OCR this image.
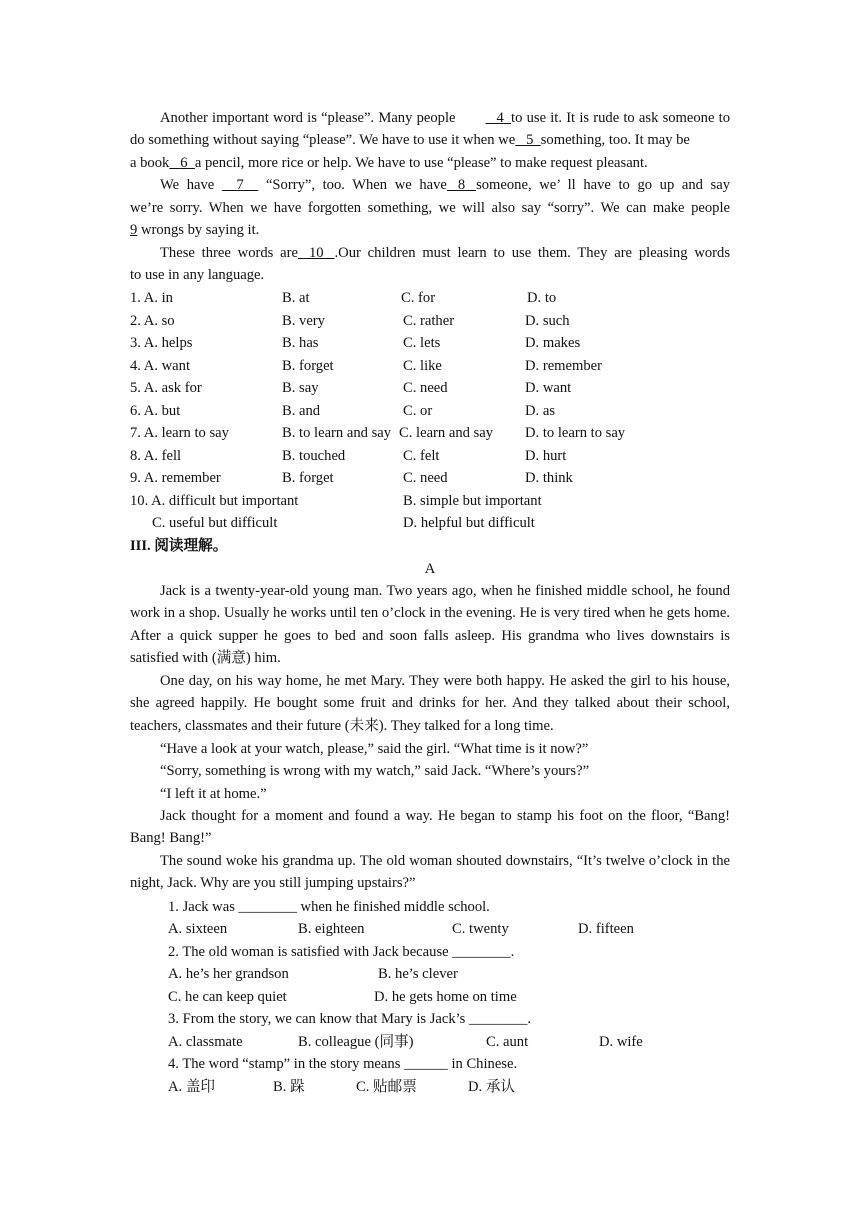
Another important word is “please”. Many people	4 to use it. It is rude to ask someone to

do something without saying “please”. We have to use it when we 5 something, too. It may be
a book 6 a pencil, more rice or help. We have to use “please” to make request pleasant.
We have     7     “Sorry”, too. When we have 8 someone, we’ ll have to go up and say
we’re sorry. When we have forgotten something, we will also say “sorry”. We can make people
9 wrongs by saying it.
These three words are 10 .Our children must learn to use them. They are pleasing words
to use in any language.
1. A. in	B. at	C. for	D. to
2. A. so	B. very	C. rather	D. such
3. A. helps	B. has	C. lets	D. makes
4. A. want	B. forget	C. like	D. remember
5. A. ask for	B. say	C. need	D. want
6. A. but	B. and	C. or	D. as
7. A. learn to say	B. to learn and say C. learn and say D. to learn to say
8. A. fell	B. touched	C. felt	D. hurt
9. A. remember	B. forget	C. need	D. think
10. A. difficult but important	B. simple but important
C. useful but difficult	D. helpful but difficult
III. 阅读理解。
A

Jack is a twenty-year-old young man. Two years ago, when he finished middle school, he found work in a shop. Usually he works until ten o’clock in the evening. He is very tired when he gets home. After a quick supper he goes to bed and soon falls asleep. His grandma who lives downstairs is satisfied with (满意) him.

One day, on his way home, he met Mary. They were both happy. He asked the girl to his house, she agreed happily. He bought some fruit and drinks for her. And they talked about their school, teachers, classmates and their future (未来). They talked for a long time.

“Have a look at your watch, please,” said the girl. “What time is it now?”

“Sorry, something is wrong with my watch,” said Jack. “Where’s yours?”

“I left it at home.”

Jack thought for a moment and found a way. He began to stamp his foot on the floor, “Bang! Bang! Bang!”

The sound woke his grandma up. The old woman shouted downstairs, “It’s twelve o’clock in the night, Jack. Why are you still jumping upstairs?”

1. Jack was ________ when he finished middle school.
A. sixteen	B. eighteen	C. twenty	D. fifteen
2. The old woman is satisfied with Jack because ________.
A. he’s her grandson	B. he’s clever
C. he can keep quiet	D. he gets home on time
3. From the story, we can know that Mary is Jack’s ________.
A. classmate	B. colleague (同事)	C. aunt	D. wife
4. The word “stamp” in the story means ______ in Chinese.
A. 盖印	B. 跺	C. 贴邮票	D. 承认
